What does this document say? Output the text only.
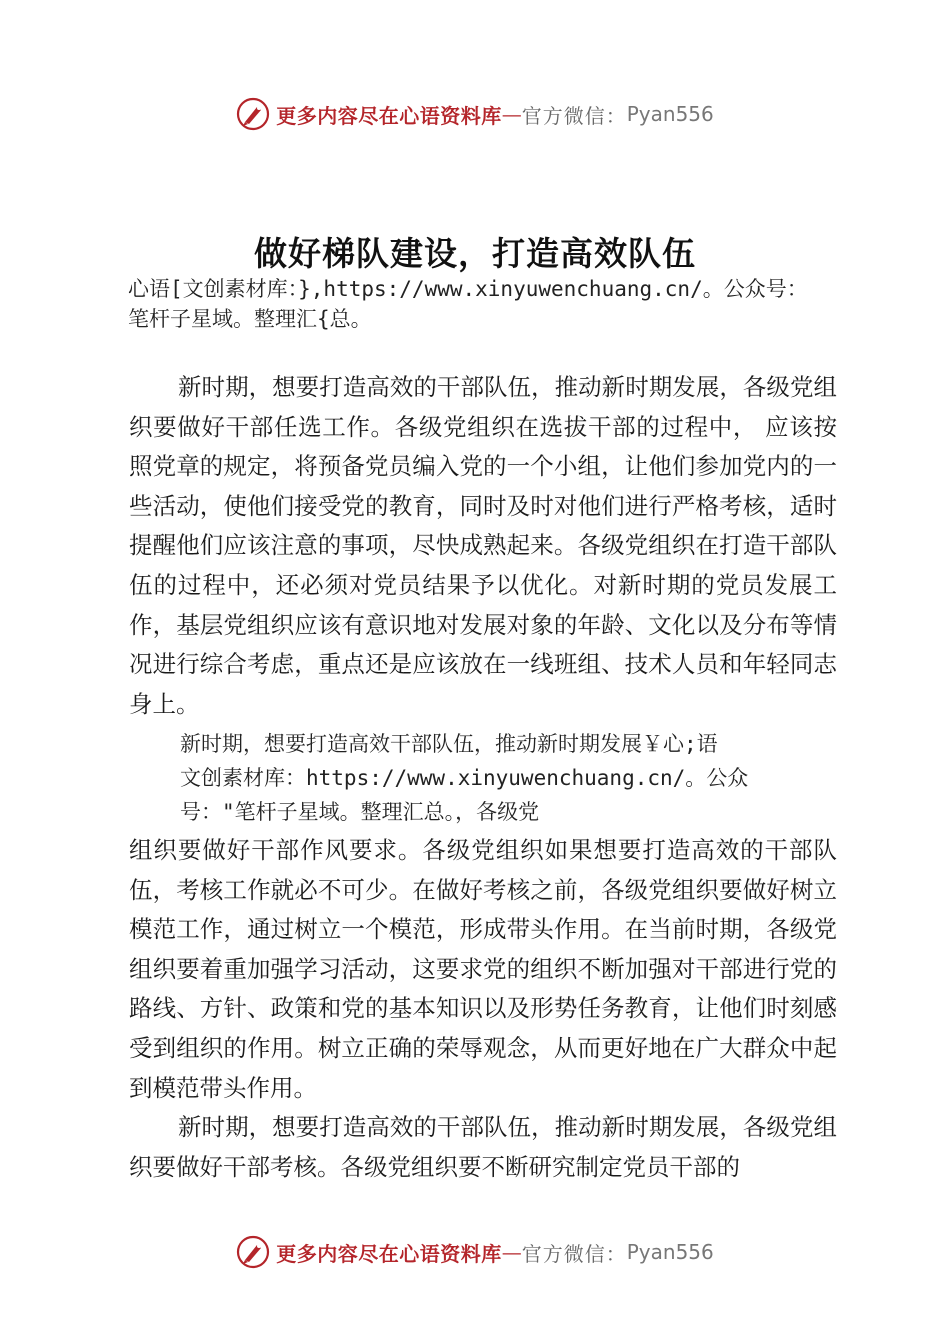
更多内容尽在心语资料库 — 官方微信： Pyan556
做好梯队建设，打造高效队伍
心语[文创素材库：},https://www.xinyuwenchuang.cn/。公众号：
笔杆子星域。整理汇{总。

新时期，想要打造高效的干部队伍，推动新时期发展，各级党组织要做好干部任选工作。各级党组织在选拔干部的过程中， 应该按照党章的规定，将预备党员编入党的一个小组，让他们参加党内的一些活动，使他们接受党的教育，同时及时对他们进行严格考核，适时提醒他们应该注意的事项，尽快成熟起来。各级党组织在打造干部队伍的过程中，还必须对党员结果予以优化。对新时期的党员发展工作，基层党组织应该有意识地对发展对象的年龄、文化以及分布等情况进行综合考虑，重点还是应该放在一线班组、技术人员和年轻同志身上。

新时期，想要打造高效干部队伍，推动新时期发展￥心;语
文创素材库：https://www.xinyuwenchuang.cn/。公众
号："笔杆子星域。整理汇总。，各级党

组织要做好干部作风要求。各级党组织如果想要打造高效的干部队伍，考核工作就必不可少。在做好考核之前，各级党组织要做好树立模范工作，通过树立一个模范，形成带头作用。在当前时期，各级党组织要着重加强学习活动，这要求党的组织不断加强对干部进行党的路线、方针、政策和党的基本知识以及形势任务教育，让他们时刻感受到组织的作用。树立正确的荣辱观念，从而更好地在广大群众中起到模范带头作用。

新时期，想要打造高效的干部队伍，推动新时期发展，各级党组织要做好干部考核。各级党组织要不断研究制定党员干部的

更多内容尽在心语资料库 — 官方微信： Pyan556
